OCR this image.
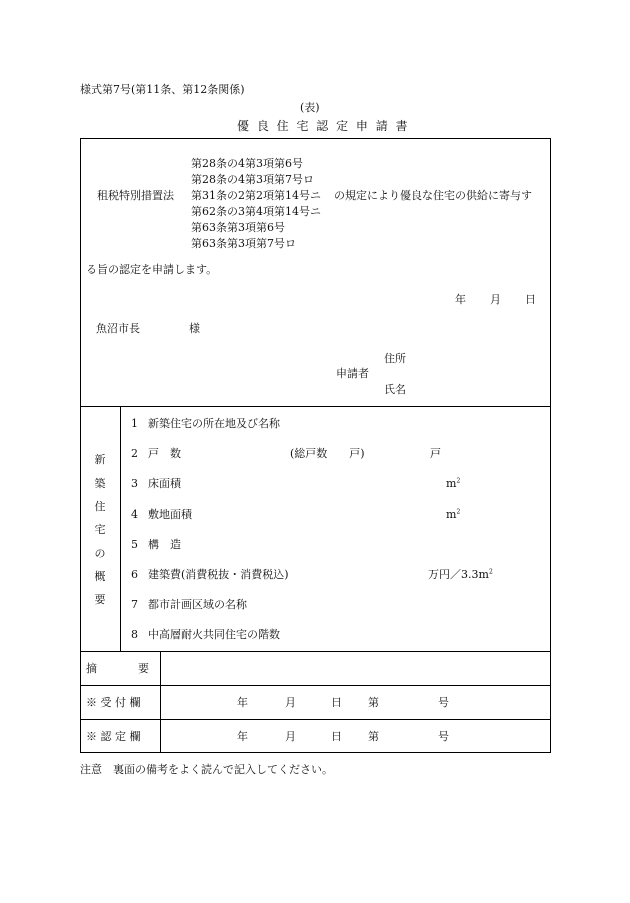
様式第7号(第11条、第12条関係)
(表)
優 良 住 宅 認 定 申 請 書
租税特別措置法
第28条の4第3項第6号
第28条の4第3項第7号ロ
第31条の2第2項第14号ニ
第62条の3第4項第14号ニ
第63条第3項第6号
第63条第3項第7号ロ
の規定により優良な住宅の供給に寄与す
る旨の認定を申請します。
年 月 日
魚沼市長	様
住所
申請者
氏名
新
築
住
宅
の
概
要
1 新築住宅の所在地及び名称
2 戸　数	(総戸数　　戸)	戸
3 床面積	$m^2$
4 敷地面積	$m^2$
5 構　造
6 建築費(消費税抜・消費税込)	万円$/3.3m^2$
7 都市計画区域の名称
8 中高層耐火共同住宅の階数
摘　　　要
※ 受 付 欄	年	月	日 第	号
※ 認 定 欄	年	月	日 第	号
注意　裏面の備考をよく読んで記入してください。
